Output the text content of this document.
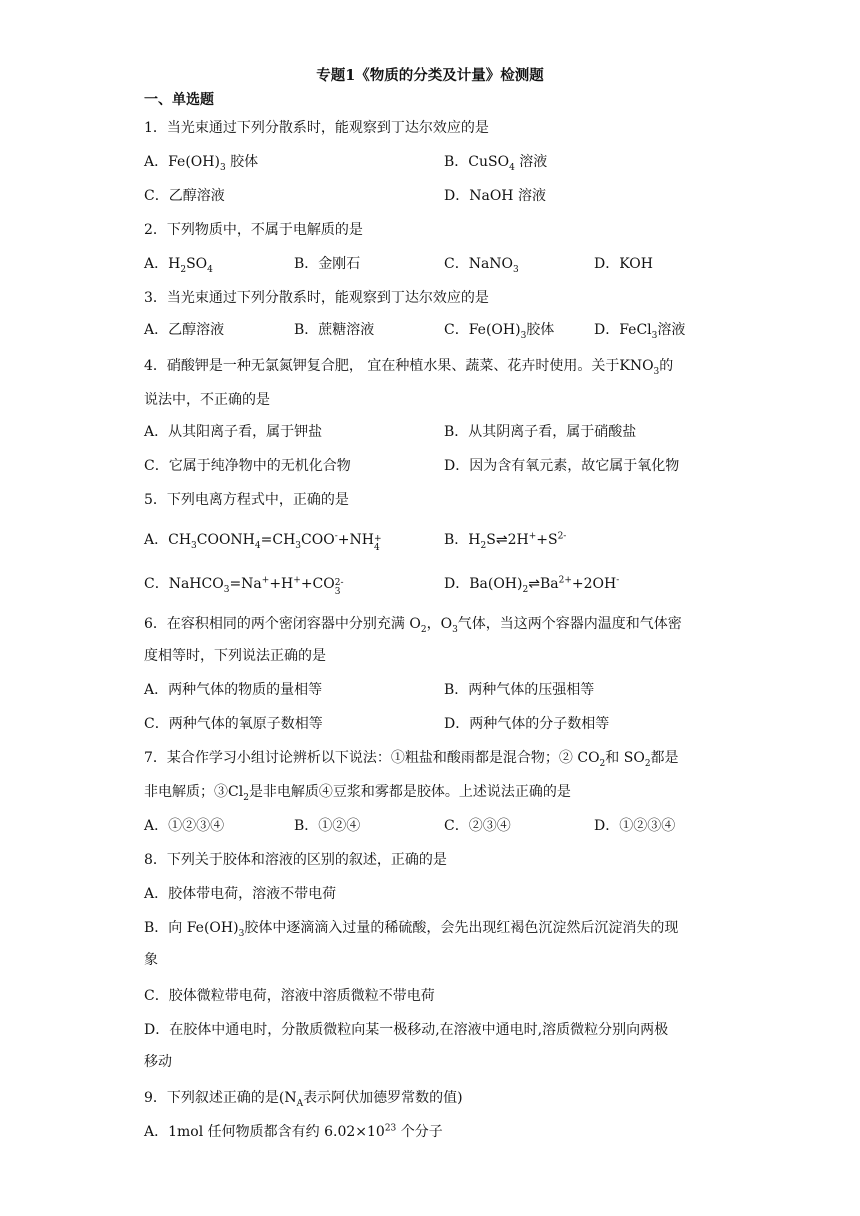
专题1《物质的分类及计量》检测题
一、单选题
1．当光束通过下列分散系时，能观察到丁达尔效应的是
A．$Fe(OH)_3$ 胶体	B．CuSO$_4$ 溶液
C．乙醇溶液	D．NaOH 溶液
2．下列物质中，不属于电解质的是
A．$H_2SO_4$	B．金刚石	C．NaNO$_3$	D．KOH
3．当光束通过下列分散系时，能观察到丁达尔效应的是
A．乙醇溶液	B．蔗糖溶液	C．$Fe(OH)_3$胶体	D．FeCl$_3$溶液
4．硝酸钾是一种无氯氮钾复合肥， 宜在种植水果、蔬菜、花卉时使用。关于$KNO_3$的
说法中，不正确的是
A．从其阳离子看，属于钾盐	B．从其阴离子看，属于硝酸盐
C．它属于纯净物中的无机化合物	D．因为含有氧元素，故它属于氧化物
5．下列电离方程式中，正确的是
A．$CH_3COONH_4=CH_3COO^-+NH+$
4	B．$H_2S\rightleftharpoons 2H^++S^{2-}$
C．NaHCO$_3$=Na++H++CO2-
3	D．$Ba(OH)_2\rightleftharpoons Ba^{2+}+2OH^-$
6．在容积相同的两个密闭容器中分别充满 $O_2$，$O_3$气体，当这两个容器内温度和气体密
度相等时，下列说法正确的是
A．两种气体的物质的量相等	B．两种气体的压强相等
C．两种气体的氧原子数相等	D．两种气体的分子数相等
7．某合作学习小组讨论辨析以下说法：①粗盐和酸雨都是混合物；② $CO_2$和 $SO_2$都是
非电解质；$③Cl_2$是非电解质④豆浆和雾都是胶体。上述说法正确的是
A．①②③④	B．①②④	C．②③④	D．①②③④
8．下列关于胶体和溶液的区别的叙述，正确的是
A．胶体带电荷，溶液不带电荷
B．向 $Fe(OH)_3$胶体中逐滴滴入过量的稀硫酸，会先出现红褐色沉淀然后沉淀消失的现
象
C．胶体微粒带电荷，溶液中溶质微粒不带电荷
D．在胶体中通电时，分散质微粒向某一极移动,在溶液中通电时,溶质微粒分别向两极
移动
9．下列叙述正确的是($N_A$表示阿伏加德罗常数的值)
A．1mol 任何物质都含有约 $6.02\times 10^{23}$ 个分子
